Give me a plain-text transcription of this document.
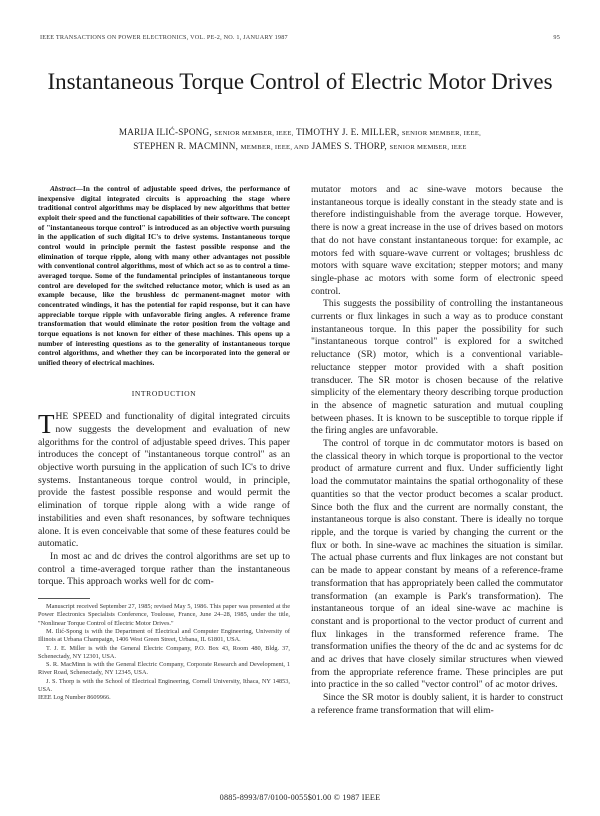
IEEE TRANSACTIONS ON POWER ELECTRONICS, VOL. PE-2, NO. 1, JANUARY 1987	95
Instantaneous Torque Control of Electric Motor Drives
MARIJA ILIĆ-SPONG, SENIOR MEMBER, IEEE, TIMOTHY J. E. MILLER, SENIOR MEMBER, IEEE,
STEPHEN R. MACMINN, MEMBER, IEEE, AND JAMES S. THORP, SENIOR MEMBER, IEEE

Abstract—In the control of adjustable speed drives, the performance of inexpensive digital integrated circuits is approaching the stage where traditional control algorithms may be displaced by new algorithms that better exploit their speed and the functional capabilities of their software. The concept of "instantaneous torque control" is introduced as an objective worth pursuing in the application of such digital IC's to drive systems. Instantaneous torque control would in principle permit the fastest possible response and the elimination of torque ripple, along with many other advantages not possible with conventional control algorithms, most of which act so as to control a time-averaged torque. Some of the fundamental principles of instantaneous torque control are developed for the switched reluctance motor, which is used as an example because, like the brushless dc permanent-magnet motor with concentrated windings, it has the potential for rapid response, but it can have appreciable torque ripple with unfavorable firing angles. A reference frame transformation that would eliminate the rotor position from the voltage and torque equations is not known for either of these machines. This opens up a number of interesting questions as to the generality of instantaneous torque control algorithms, and whether they can be incorporated into the general or unified theory of electrical machines.

INTRODUCTION

THE SPEED and functionality of digital integrated circuits now suggests the development and evaluation of new algorithms for the control of adjustable speed drives. This paper introduces the concept of "instantaneous torque control" as an objective worth pursuing in the application of such IC's to drive systems. Instantaneous torque control would, in principle, provide the fastest possible response and would permit the elimination of torque ripple along with a wide range of instabilities and even shaft resonances, by software techniques alone. It is even conceivable that some of these features could be automatic.

In most ac and dc drives the control algorithms are set up to control a time-averaged torque rather than the instantaneous torque. This approach works well for dc com-

Manuscript received September 27, 1985; revised May 5, 1986. This paper was presented at the Power Electronics Specialists Conference, Toulouse, France, June 24–28, 1985, under the title, "Nonlinear Torque Control of Electric Motor Drives."

M. Ilić-Spong is with the Department of Electrical and Computer Engineering, University of Illinois at Urbana Champaign, 1406 West Green Street, Urbana, IL 61801, USA.

T. J. E. Miller is with the General Electric Company, P.O. Box 43, Room 480, Bldg. 37, Schenectady, NY 12301, USA.

S. R. MacMinn is with the General Electric Company, Corporate Research and Development, 1 River Road, Schenectady, NY 12345, USA.

J. S. Thorp is with the School of Electrical Engineering, Cornell University, Ithaca, NY 14853, USA.

IEEE Log Number 8609966.

mutator motors and ac sine-wave motors because the instantaneous torque is ideally constant in the steady state and is therefore indistinguishable from the average torque. However, there is now a great increase in the use of drives based on motors that do not have constant instantaneous torque: for example, ac motors fed with square-wave current or voltages; brushless dc motors with square wave excitation; stepper motors; and many single-phase ac motors with some form of electronic speed control.

This suggests the possibility of controlling the instantaneous currents or flux linkages in such a way as to produce constant instantaneous torque. In this paper the possibility for such "instantaneous torque control" is explored for a switched reluctance (SR) motor, which is a conventional variable-reluctance stepper motor provided with a shaft position transducer. The SR motor is chosen because of the relative simplicity of the elementary theory describing torque production in the absence of magnetic saturation and mutual coupling between phases. It is known to be susceptible to torque ripple if the firing angles are unfavorable.

The control of torque in dc commutator motors is based on the classical theory in which torque is proportional to the vector product of armature current and flux. Under sufficiently light load the commutator maintains the spatial orthogonality of these quantities so that the vector product becomes a scalar product. Since both the flux and the current are normally constant, the instantaneous torque is also constant. There is ideally no torque ripple, and the torque is varied by changing the current or the flux or both. In sine-wave ac machines the situation is similar. The actual phase currents and flux linkages are not constant but can be made to appear constant by means of a reference-frame transformation that has appropriately been called the commutator transformation (an example is Park's transformation). The instantaneous torque of an ideal sine-wave ac machine is constant and is proportional to the vector product of current and flux linkages in the transformed reference frame. The transformation unifies the theory of the dc and ac systems for dc and ac drives that have closely similar structures when viewed from the appropriate reference frame. These principles are put into practice in the so called "vector control" of ac motor drives.

Since the SR motor is doubly salient, it is harder to construct a reference frame transformation that will elim-

0885-8993/87/0100-0055$01.00 © 1987 IEEE
